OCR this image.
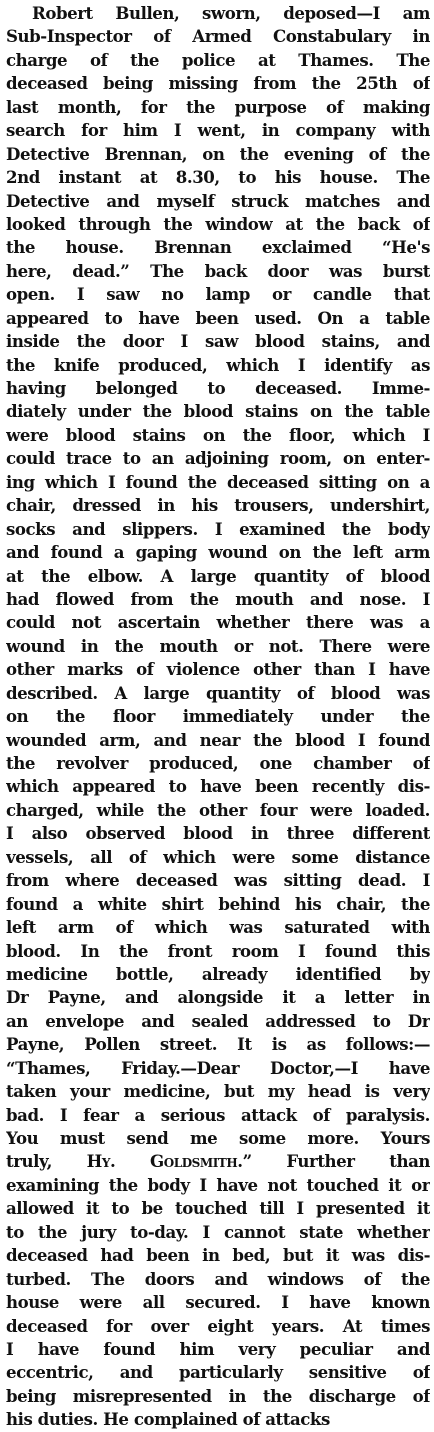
Robert Bullen, sworn, deposed—I am
Sub-Inspector of Armed Constabulary in
charge of the police at Thames. The
deceased being missing from the 25th of
last month, for the purpose of making
search for him I went, in company with
Detective Brennan, on the evening of the
2nd instant at 8.30, to his house. The
Detective and myself struck matches and
looked through the window at the back of
the house. Brennan exclaimed “He's
here, dead.” The back door was burst
open. I saw no lamp or candle that
appeared to have been used. On a table
inside the door I saw blood stains, and
the knife produced, which I identify as
having belonged to deceased. Imme-
diately under the blood stains on the table
were blood stains on the floor, which I
could trace to an adjoining room, on enter-
ing which I found the deceased sitting on a
chair, dressed in his trousers, undershirt,
socks and slippers. I examined the body
and found a gaping wound on the left arm
at the elbow. A large quantity of blood
had flowed from the mouth and nose. I
could not ascertain whether there was a
wound in the mouth or not. There were
other marks of violence other than I have
described. A large quantity of blood was
on the floor immediately under the
wounded arm, and near the blood I found
the revolver produced, one chamber of
which appeared to have been recently dis-
charged, while the other four were loaded.
I also observed blood in three different
vessels, all of which were some distance
from where deceased was sitting dead. I
found a white shirt behind his chair, the
left arm of which was saturated with
blood. In the front room I found this
medicine bottle, already identified by
Dr Payne, and alongside it a letter in
an envelope and sealed addressed to Dr
Payne, Pollen street. It is as follows:—
“Thames, Friday.—Dear Doctor,—I have
taken your medicine, but my head is very
bad. I fear a serious attack of paralysis.
You must send me some more. Yours
truly, Hy. Goldsmith.” Further than
examining the body I have not touched it or
allowed it to be touched till I presented it
to the jury to-day. I cannot state whether
deceased had been in bed, but it was dis-
turbed. The doors and windows of the
house were all secured. I have known
deceased for over eight years. At times
I have found him very peculiar and
eccentric, and particularly sensitive of
being misrepresented in the discharge of
his duties. He complained of attacks
